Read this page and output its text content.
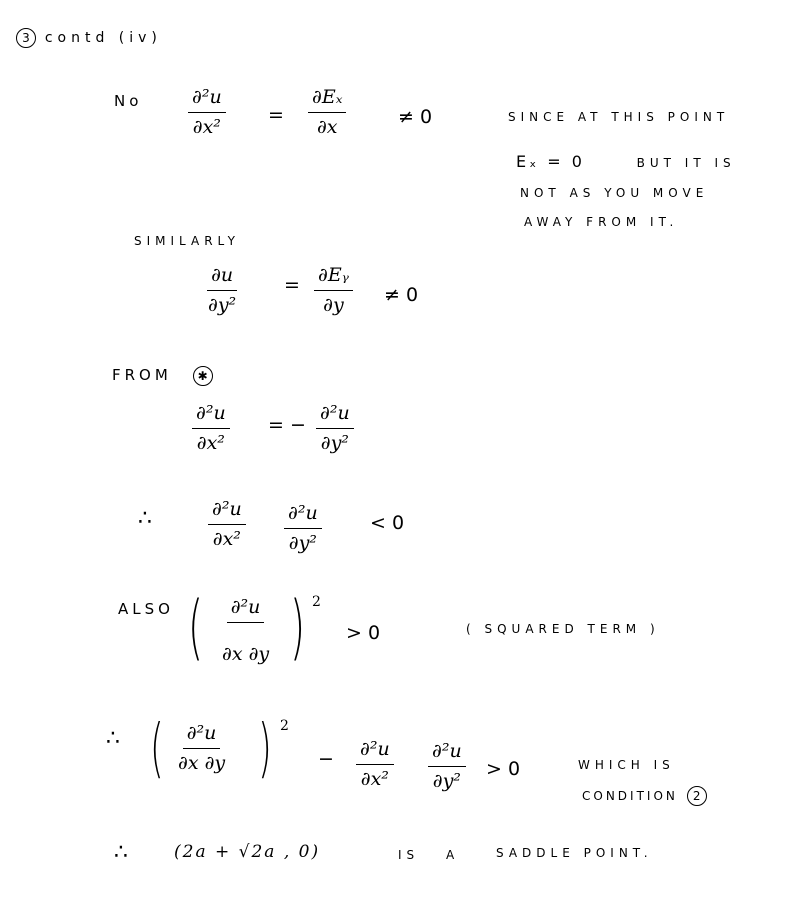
3 contd (iv)
No $\frac{\text{∂²u}}{\text{∂x²}} = \frac{\text{∂Eₓ}}{\partial x}$	≠ 0	SINCE AT THIS POINT
Eₓ = 0	BUT IT IS
NOT AS YOU MOVE
AWAY FROM IT.
SIMILARLY
$\frac{\partial u}{\text{∂y²}} = \frac{\text{∂Eᵧ}}{\partial y} \ne 0$
FROM ✱
$\frac{\text{∂²u}}{\text{∂x²}}$ = − $\frac{\text{∂²u}}{\text{∂y²}}$
∴	$\frac{\text{∂²u}}{\text{∂x²}} \frac{\text{∂²u}}{\text{∂y²}}$	< 0
ALSO ( $\frac{\text{∂²u}}{\partial x \partial y}$ ) 2
> 0	( SQUARED TERM )
∴ ( $\frac{\text{∂²u}}{\partial x \partial y}$ ) 2
− $\frac{\text{∂²u}}{\text{∂x²}} \frac{\text{∂²u}}{\text{∂y²}} > 0$	WHICH IS
CONDITION 2
∴	(2a + √2a , 0)	IS A	SADDLE POINT.
